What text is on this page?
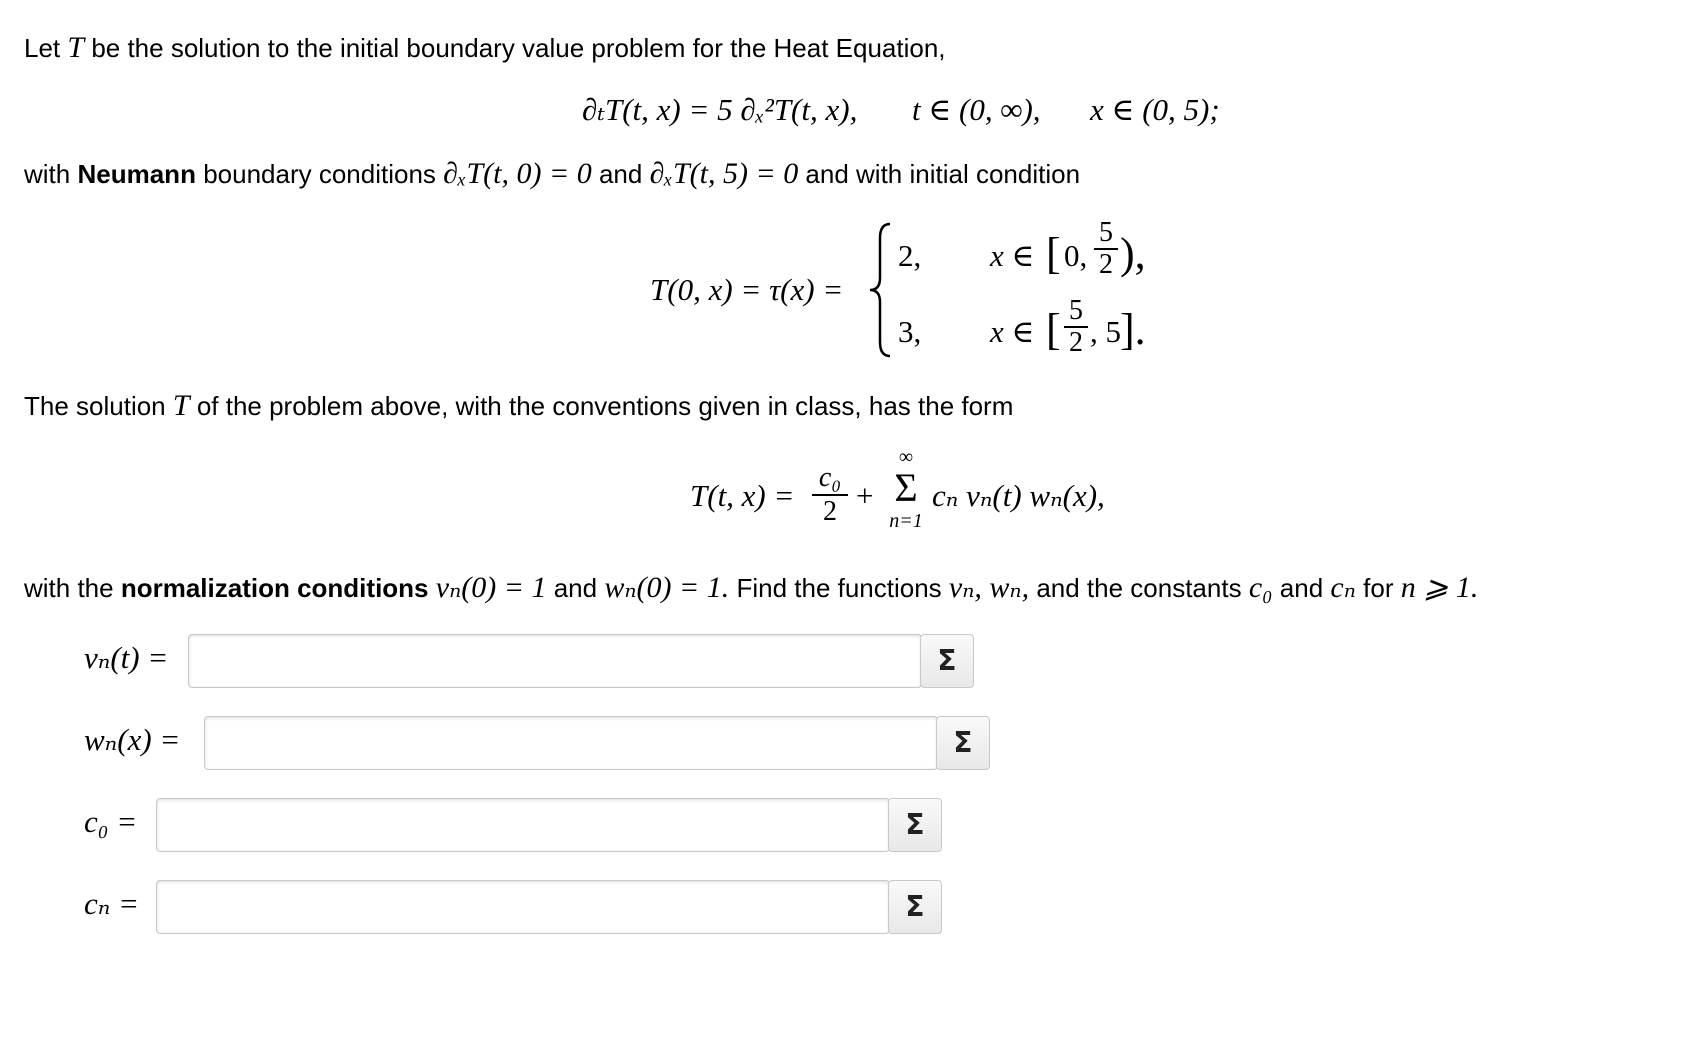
Let T be the solution to the initial boundary value problem for the Heat Equation,
∂ₜT(t, x) = 5 ∂ₓ²T(t, x), t ∈ (0, ∞), x ∈ (0, 5);
with Neumann boundary conditions ∂ₓT(t, 0) = 0 and ∂ₓT(t, 5) = 0 and with initial condition
T(0, x) = τ(x) =
2, x ∈ [ 0, $\frac{5}{2}$ ),
3, x ∈ [ $\frac{5}{2}$ , 5 ].
The solution T of the problem above, with the conventions given in class, has the form
T(t, $x) = \frac{\text{c₀}}{2}$ +
∞
Σ
n=1
cₙ vₙ(t) wₙ(x),
with the normalization conditions vₙ(0) = 1 and wₙ(0) = 1. Find the functions vₙ, wₙ, and the constants c₀ and cₙ for n ⩾ 1.
vₙ(t) =	Σ
wₙ(x) =	Σ
c₀ =	Σ
cₙ =	Σ
